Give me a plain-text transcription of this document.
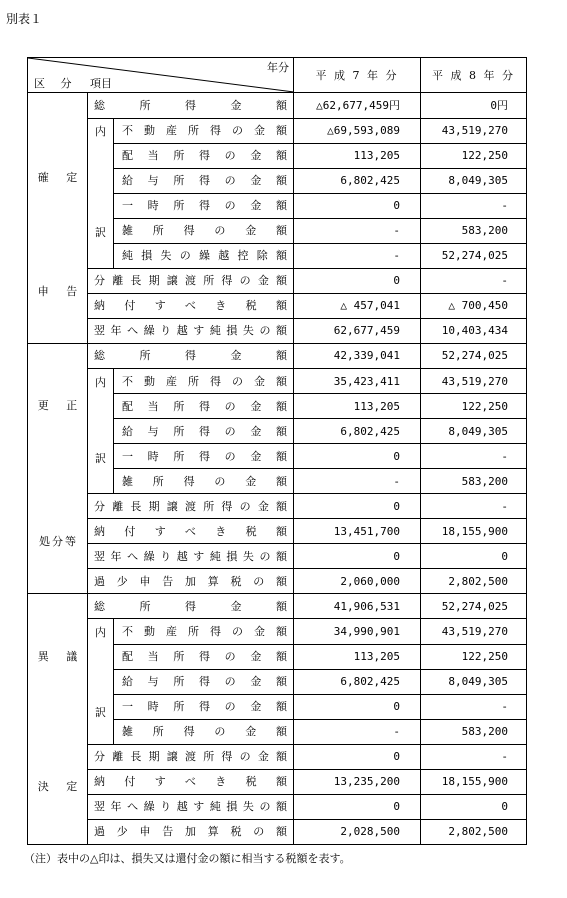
別表１
年分
区 分 項目			平 成 7 年 分	平 成 8 年 分

確 定
申 告	総 所 得 金 額		△62,677,459円	0円

	内
訳	不動産所得の金額	△69,593,089	43,519,270
		配当所得の金額	113,205	122,250
		給与所得の金額	6,802,425	8,049,305
		一時所得の金額	0	-
		雑所得の金額	-	583,200
		純損失の繰越控除額	-	52,274,025
	分離長期譲渡所得の金額		0	-
	納付すべき税額		△ 457,041	△ 700,450
	翌年へ繰り越す純損失の額		62,677,459	10,403,434

更 正
処分等	総 所 得 金 額		42,339,041	52,274,025

	内
訳	不動産所得の金額	35,423,411	43,519,270
		配当所得の金額	113,205	122,250
		給与所得の金額	6,802,425	8,049,305
		一時所得の金額	0	-
		雑所得の金額	-	583,200
	分離長期譲渡所得の金額		0	-
	納付すべき税額		13,451,700	18,155,900
	翌年へ繰り越す純損失の額		0	0
	過少申告加算税の額		2,060,000	2,802,500

異 議
決 定	総 所 得 金 額		41,906,531	52,274,025

	内
訳	不動産所得の金額	34,990,901	43,519,270
		配当所得の金額	113,205	122,250
		給与所得の金額	6,802,425	8,049,305
		一時所得の金額	0	-
		雑所得の金額	-	583,200
	分離長期譲渡所得の金額		0	-
	納付すべき税額		13,235,200	18,155,900
	翌年へ繰り越す純損失の額		0	0
	過少申告加算税の額		2,028,500	2,802,500
（注）表中の△印は、損失又は還付金の額に相当する税額を表す。
